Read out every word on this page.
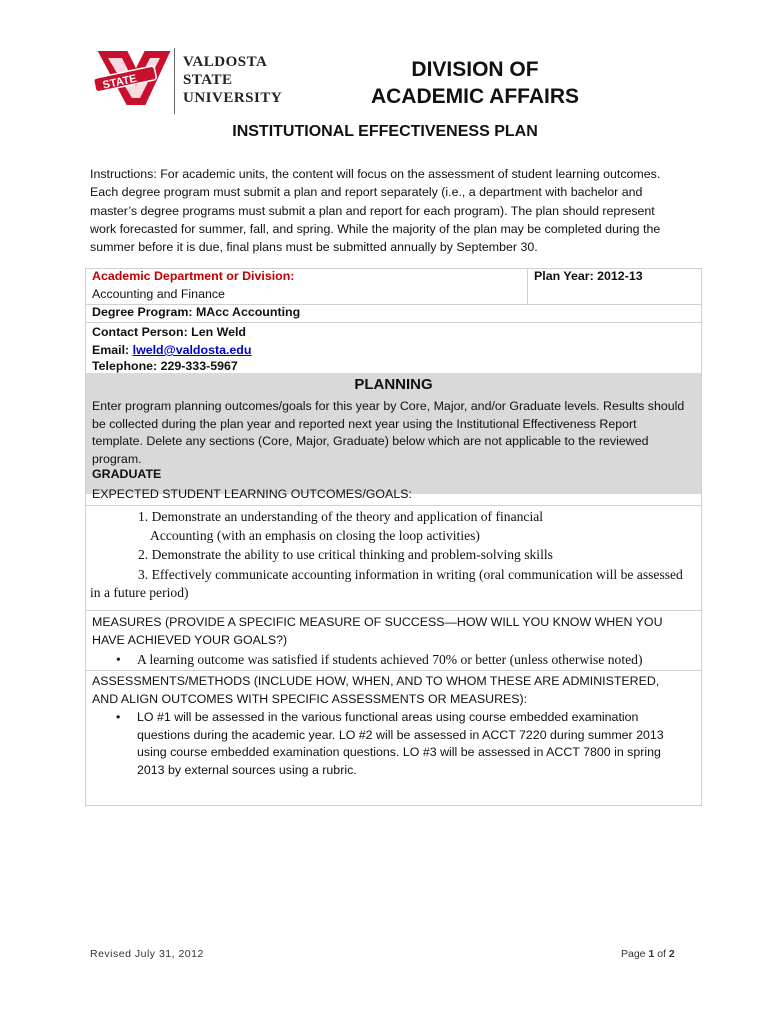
STATE
VALDOSTA
STATE
UNIVERSITY
DIVISION OF
ACADEMIC AFFAIRS
INSTITUTIONAL EFFECTIVENESS PLAN
Instructions: For academic units, the content will focus on the assessment of student learning outcomes.
Each degree program must submit a plan and report separately (i.e., a department with bachelor and
master’s degree programs must submit a plan and report for each program). The plan should represent
work forecasted for summer, fall, and spring. While the majority of the plan may be completed during the
summer before it is due, final plans must be submitted annually by September 30.
Academic Department or Division:
Accounting and Finance
Plan Year: 2012-13
Degree Program: MAcc Accounting
Contact Person: Len Weld
Email: lweld@valdosta.edu
Telephone: 229-333-5967
PLANNING
Enter program planning outcomes/goals for this year by Core, Major, and/or Graduate levels. Results should
be collected during the plan year and reported next year using the Institutional Effectiveness Report
template. Delete any sections (Core, Major, Graduate) below which are not applicable to the reviewed
program.
GRADUATE
EXPECTED STUDENT LEARNING OUTCOMES/GOALS:
1. Demonstrate an understanding of the theory and application of financial
Accounting (with an emphasis on closing the loop activities)
2. Demonstrate the ability to use critical thinking and problem-solving skills
3. Effectively communicate accounting information in writing (oral communication will be assessed
in a future period)
MEASURES (PROVIDE A SPECIFIC MEASURE OF SUCCESS—HOW WILL YOU KNOW WHEN YOU
HAVE ACHIEVED YOUR GOALS?)
• A learning outcome was satisfied if students achieved 70% or better (unless otherwise noted)
ASSESSMENTS/METHODS (INCLUDE HOW, WHEN, AND TO WHOM THESE ARE ADMINISTERED,
AND ALIGN OUTCOMES WITH SPECIFIC ASSESSMENTS OR MEASURES):
• LO #1 will be assessed in the various functional areas using course embedded examination
questions during the academic year. LO #2 will be assessed in ACCT 7220 during summer 2013
using course embedded examination questions. LO #3 will be assessed in ACCT 7800 in spring
2013 by external sources using a rubric.
Revised July 31, 2012	Page 1 of 2
